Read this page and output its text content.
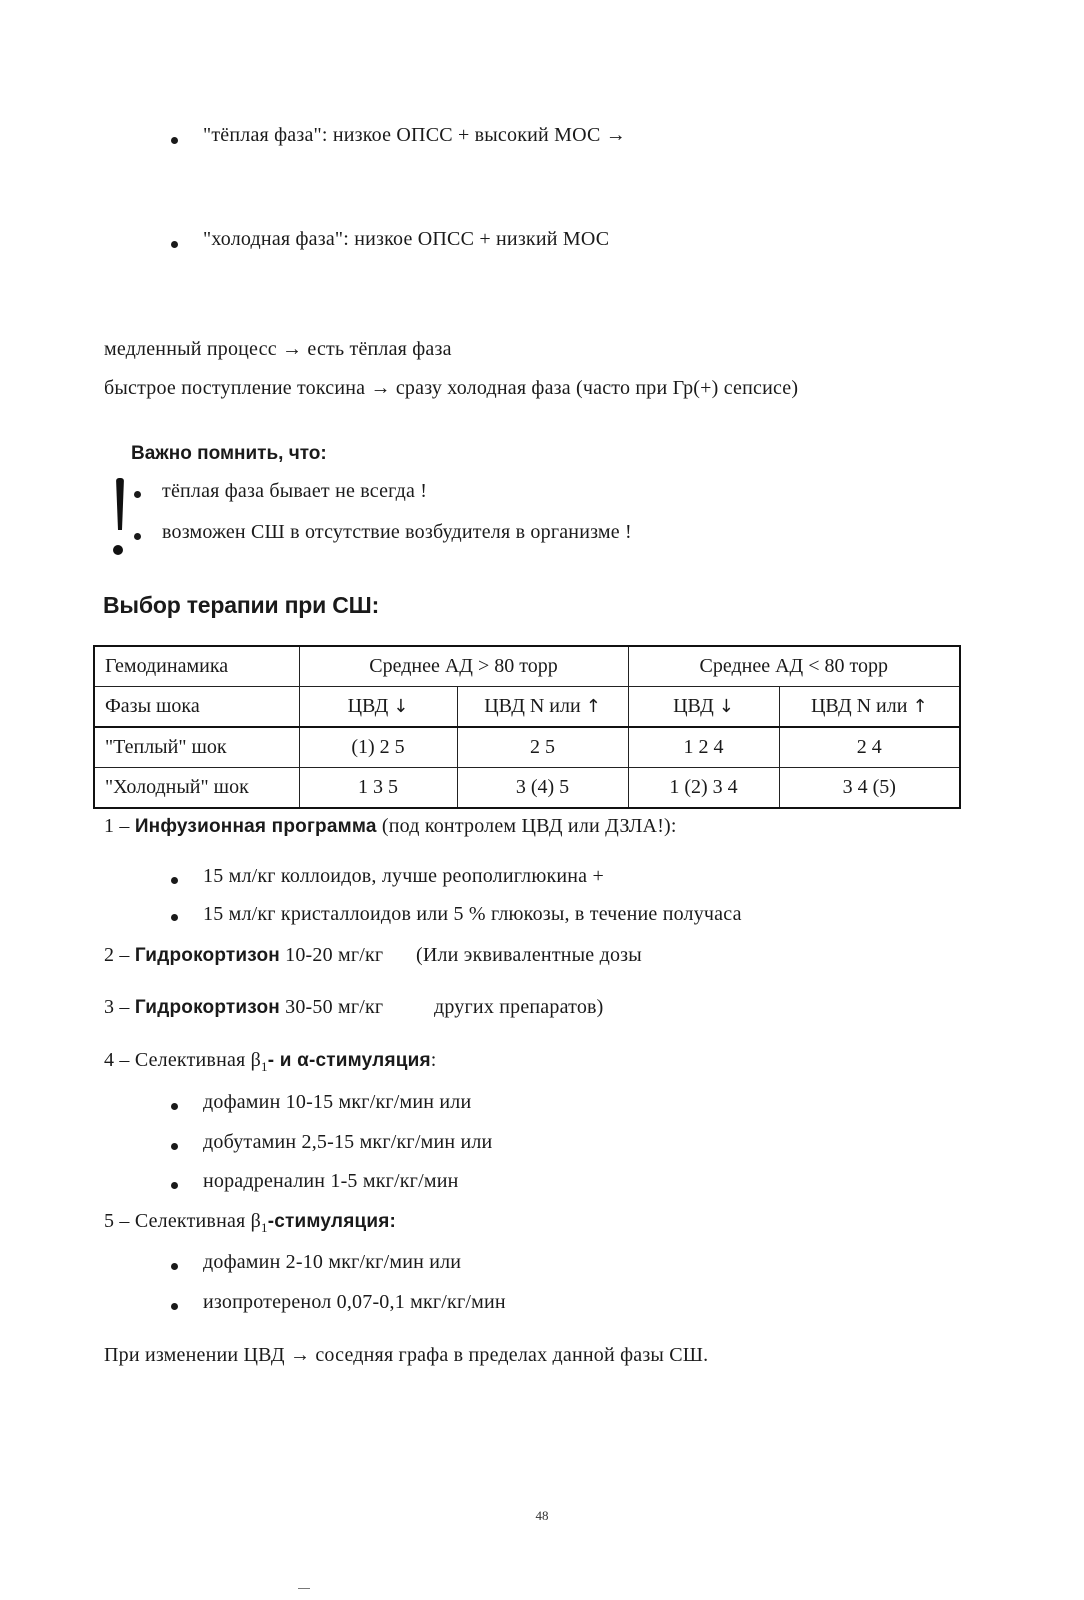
"тёплая фаза": низкое ОПСС + высокий МОС →
"холодная фаза": низкое ОПСС + низкий МОС
медленный процесс → есть тёплая фаза
быстрое поступление токсина → сразу холодная фаза (часто при Гр(+) сепсисе)
Важно помнить, что:
тёплая фаза бывает не всегда !
возможен СШ в отсутствие возбудителя в организме !
Выбор терапии при СШ:
Гемодинамика	Среднее АД > 80 торр		Среднее АД < 80 торр	
Фазы шока	ЦВД ↓	ЦВД N или ↑	ЦВД ↓	ЦВД N или ↑
"Теплый" шок	(1) 2 5	2 5	1 2 4	2 4
"Холодный" шок	1 3 5	3 (4) 5	1 (2) 3 4	3 4 (5)
1 – Инфузионная программа (под контролем ЦВД или ДЗЛА!):
15 мл/кг коллоидов, лучше реополиглюкина +
15 мл/кг кристаллоидов или 5 % глюкозы, в течение получаса
2 – Гидрокортизон 10-20 мг/кг (Или эквивалентные дозы
3 – Гидрокортизон 30-50 мг/кг	других препаратов)
4 – Селективная $\beta_1-$ и α-стимуляция:
дофамин 10-15 мкг/кг/мин или
добутамин 2,5-15 мкг/кг/мин или
норадреналин 1-5 мкг/кг/мин
5 – Селективная $\beta_1$-стимуляция:
дофамин 2-10 мкг/кг/мин или
изопротеренол 0,07-0,1 мкг/кг/мин
При изменении ЦВД → соседняя графа в пределах данной фазы СШ.
48
